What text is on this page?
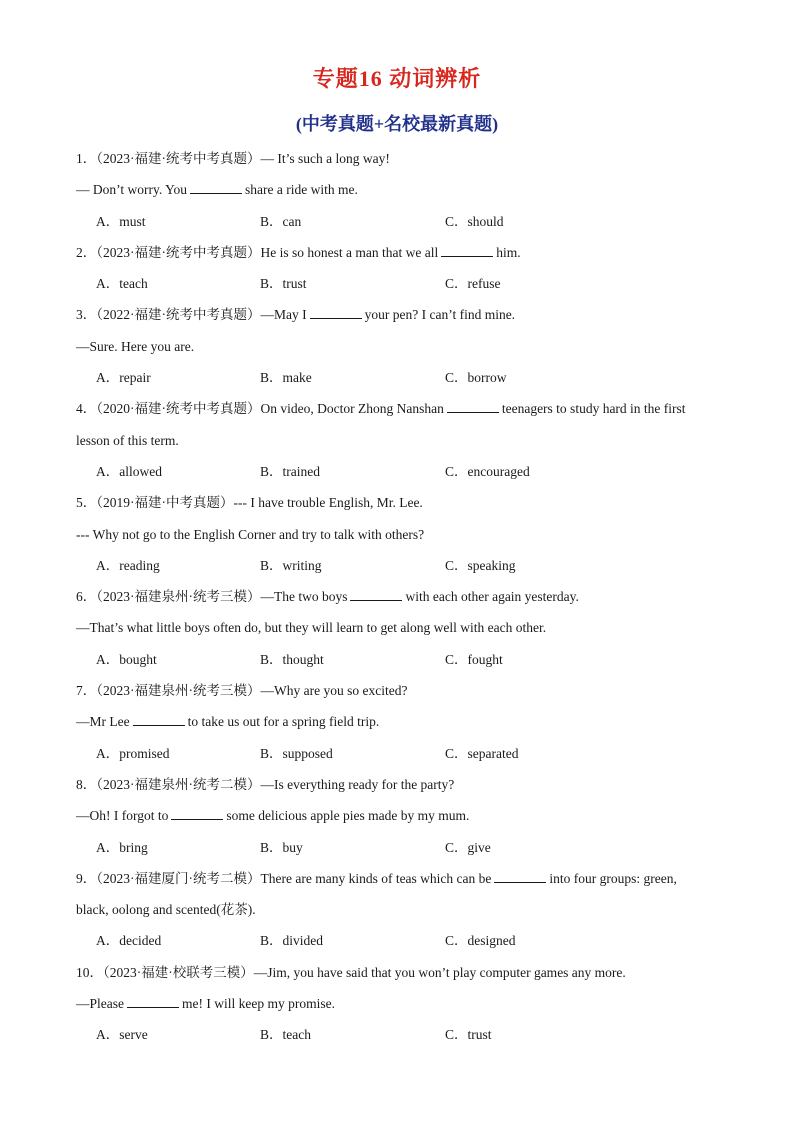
专题16 动词辨析
(中考真题+名校最新真题)
1．（2023·福建·统考中考真题）— It’s such a long way!
— Don’t worry. You	share a ride with me.
A．must	B．can	C．should
2．（2023·福建·统考中考真题）He is so honest a man that we all	him.
A．teach	B．trust	C．refuse
3．（2022·福建·统考中考真题）—May I	your pen? I can’t find mine.
—Sure. Here you are.
A．repair	B．make	C．borrow
4．（2020·福建·统考中考真题）On video, Doctor Zhong Nanshan	teenagers to study hard in the first
lesson of this term.
A．allowed	B．trained	C．encouraged
5．（2019·福建·中考真题）--- I have trouble English, Mr. Lee.
--- Why not go to the English Corner and try to talk with others?
A．reading	B．writing	C．speaking
6．（2023·福建泉州·统考三模）—The two boys	with each other again yesterday.
—That’s what little boys often do, but they will learn to get along well with each other.
A．bought	B．thought	C．fought
7．（2023·福建泉州·统考三模）—Why are you so excited?
—Mr Lee	to take us out for a spring field trip.
A．promised	B．supposed	C．separated
8．（2023·福建泉州·统考二模）—Is everything ready for the party?
—Oh! I forgot to	some delicious apple pies made by my mum.
A．bring	B．buy	C．give
9．（2023·福建厦门·统考二模）There are many kinds of teas which can be	into four groups: green,
black, oolong and scented(花茶).
A．decided	B．divided	C．designed
10．（2023·福建·校联考三模）—Jim, you have said that you won’t play computer games any more.
—Please	me! I will keep my promise.
A．serve	B．teach	C．trust
